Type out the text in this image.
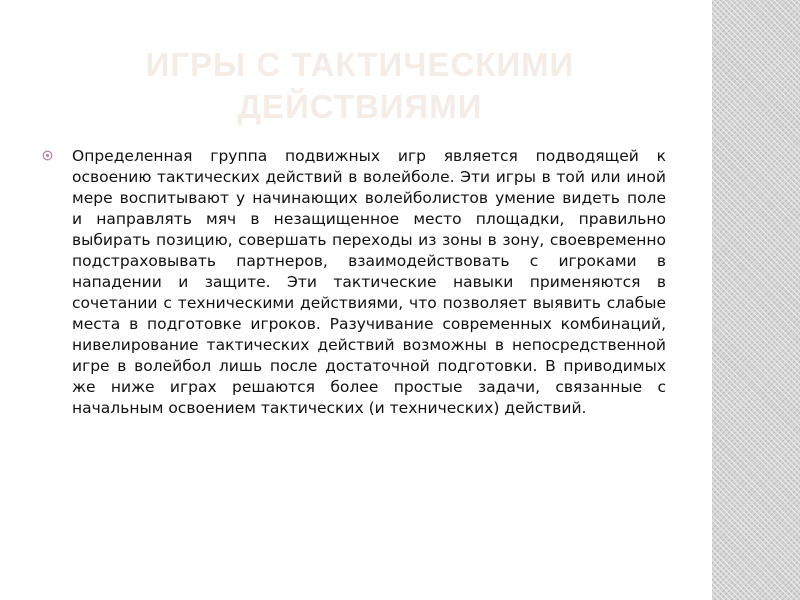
ИГРЫ С ТАКТИЧЕСКИМИ ДЕЙСТВИЯМИ

Определенная группа подвижных игр является подводящей к освоению тактических действий в волейболе. Эти игры в той или иной мере воспитывают у начинающих волейболистов умение видеть поле и направлять мяч в незащищенное место площадки, правильно выбирать позицию, совершать переходы из зоны в зону, своевременно подстраховывать партнеров, взаимодействовать с игроками в нападении и защите. Эти тактические навыки применяются в сочетании с техническими действиями, что позволяет выявить слабые места в подготовке игроков. Разучивание современных комбинаций, нивелирование тактических действий возможны в непосредственной игре в волейбол лишь после достаточной подготовки. В приводимых же ниже играх решаются более простые задачи, связанные с начальным освоением тактических (и технических) действий.
